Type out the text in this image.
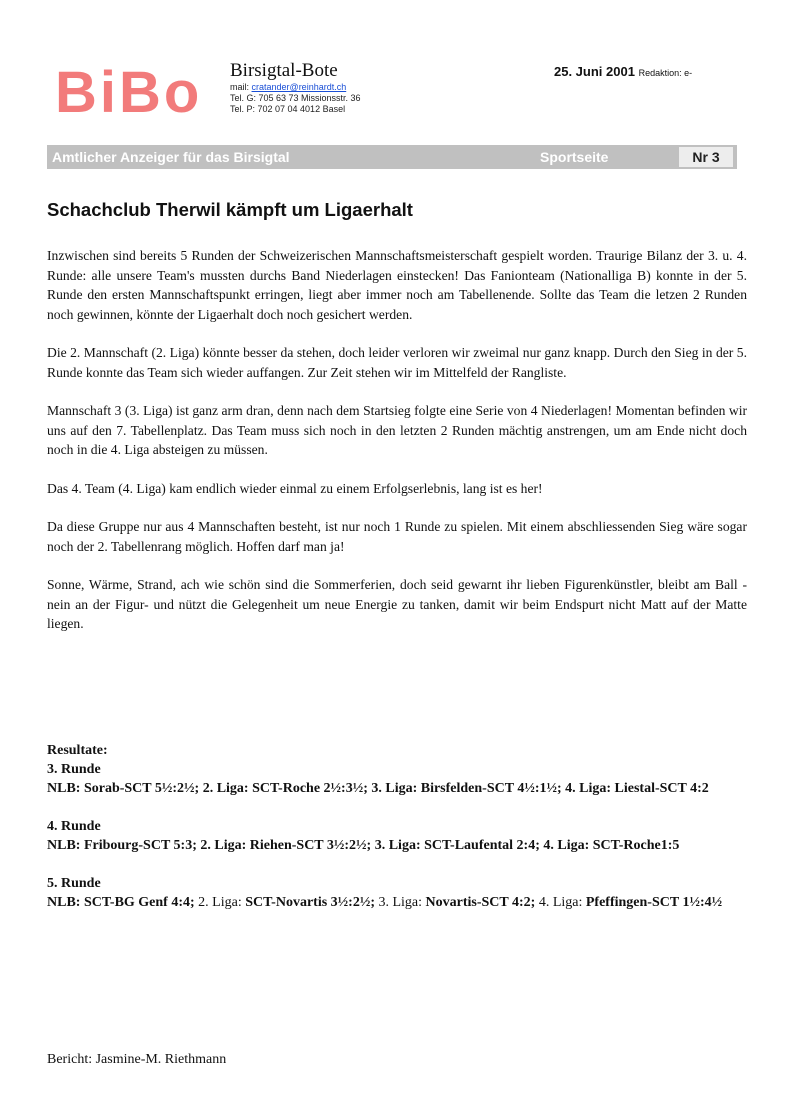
BiBo Birsigtal-Bote
mail: cratander@reinhardt.ch
Tel. G: 705 63 73 Missionsstr. 36
Tel. P: 702 07 04 4012 Basel
25. Juni 2001 Redaktion: e-
Amtlicher Anzeiger für das Birsigtal	Sportseite	Nr 3
Schachclub Therwil kämpft um Ligaerhalt

Inzwischen sind bereits 5 Runden der Schweizerischen Mannschaftsmeisterschaft gespielt worden. Traurige Bilanz der 3. u. 4. Runde: alle unsere Team's mussten durchs Band Niederlagen einstecken! Das Fanionteam (Nationalliga B) konnte in der 5. Runde den ersten Mannschaftspunkt erringen, liegt aber immer noch am Tabellenende. Sollte das Team die letzen 2 Runden noch gewinnen, könnte der Ligaerhalt doch noch gesichert werden.

Die 2. Mannschaft (2. Liga) könnte besser da stehen, doch leider verloren wir zweimal nur ganz knapp. Durch den Sieg in der 5. Runde konnte das Team sich wieder auffangen. Zur Zeit stehen wir im Mittelfeld der Rangliste.

Mannschaft 3 (3. Liga) ist ganz arm dran, denn nach dem Startsieg folgte eine Serie von 4 Niederlagen! Momentan befinden wir uns auf den 7. Tabellenplatz. Das Team muss sich noch in den letzten 2 Runden mächtig anstrengen, um am Ende nicht doch noch in die 4. Liga absteigen zu müssen.

Das 4. Team (4. Liga) kam endlich wieder einmal zu einem Erfolgserlebnis, lang ist es her!

Da diese Gruppe nur aus 4 Mannschaften besteht, ist nur noch 1 Runde zu spielen. Mit einem abschliessenden Sieg wäre sogar noch der 2. Tabellenrang möglich. Hoffen darf man ja!

Sonne, Wärme, Strand, ach wie schön sind die Sommerferien, doch seid gewarnt ihr lieben Figurenkünstler, bleibt am Ball - nein an der Figur- und nützt die Gelegenheit um neue Energie zu tanken, damit wir beim Endspurt nicht Matt auf der Matte liegen.

Resultate:
3. Runde
NLB: Sorab-SCT 5½:2½; 2. Liga: SCT-Roche 2½:3½; 3. Liga: Birsfelden-SCT 4½:1½; 4. Liga: Liestal-SCT 4:2
4. Runde
NLB: Fribourg-SCT 5:3; 2. Liga: Riehen-SCT 3½:2½; 3. Liga: SCT-Laufental 2:4; 4. Liga: SCT-Roche1:5
5. Runde
NLB: SCT-BG Genf 4:4; 2. Liga: SCT-Novartis 3½:2½; 3. Liga: Novartis-SCT 4:2; 4. Liga: Pfeffingen-SCT 1½:4½
Bericht: Jasmine-M. Riethmann
